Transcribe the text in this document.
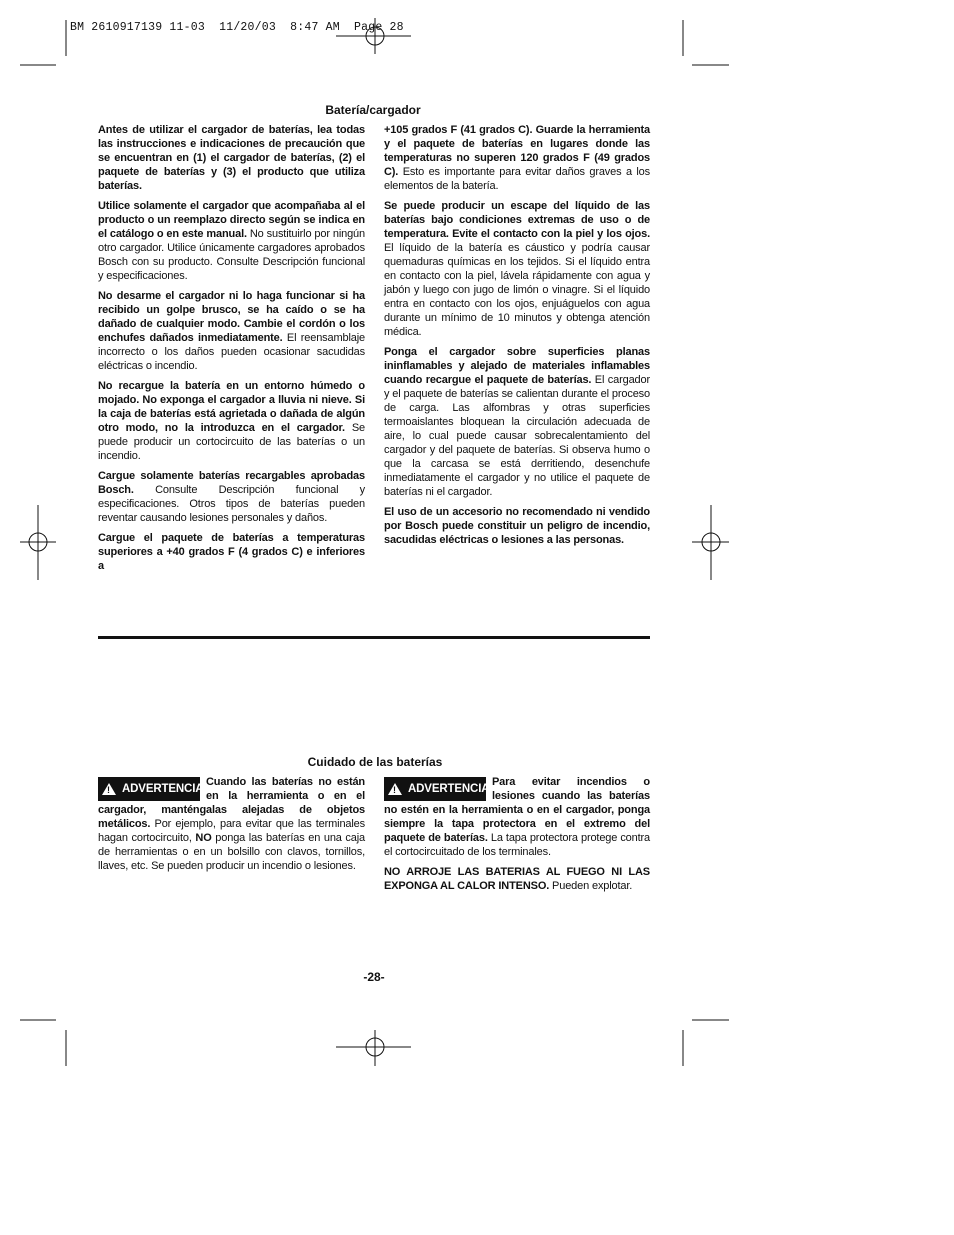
BM 2610917139 11-03  11/20/03  8:47 AM  Page 28
Batería/cargador

Antes de utilizar el cargador de baterías, lea todas las instrucciones e indicaciones de precaución que se encuentran en (1) el cargador de baterías, (2) el paquete de baterías y (3) el producto que utiliza baterías.

Utilice solamente el cargador que acompañaba al el producto o un reemplazo directo según se indica en el catálogo o en este manual. No sustituirlo por ningún otro cargador. Utilice únicamente cargadores aprobados Bosch con su producto. Consulte Descripción funcional y especificaciones.

No desarme el cargador ni lo haga funcionar si ha recibido un golpe brusco, se ha caído o se ha dañado de cualquier modo. Cambie el cordón o los enchufes dañados inmediatamente. El reensamblaje incorrecto o los daños pueden ocasionar sacudidas eléctricas o incendio.

No recargue la batería en un entorno húmedo o mojado. No exponga el cargador a lluvia ni nieve. Si la caja de baterías está agrietada o dañada de algún otro modo, no la introduzca en el cargador. Se puede producir un cortocircuito de las baterías o un incendio.

Cargue solamente baterías recargables aprobadas Bosch. Consulte Descripción funcional y especificaciones. Otros tipos de baterías pueden reventar causando lesiones personales y daños.

Cargue el paquete de baterías a temperaturas superiores a +40 grados F (4 grados C) e inferiores a

+105 grados F (41 grados C). Guarde la herramienta y el paquete de baterías en lugares donde las temperaturas no superen 120 grados F (49 grados C). Esto es importante para evitar daños graves a los elementos de la batería.

Se puede producir un escape del líquido de las baterías bajo condiciones extremas de uso o de temperatura. Evite el contacto con la piel y los ojos. El líquido de la batería es cáustico y podría causar quemaduras químicas en los tejidos. Si el líquido entra en contacto con la piel, lávela rápidamente con agua y jabón y luego con jugo de limón o vinagre. Si el líquido entra en contacto con los ojos, enjuáguelos con agua durante un mínimo de 10 minutos y obtenga atención médica.

Ponga el cargador sobre superficies planas ininflamables y alejado de materiales inflamables cuando recargue el paquete de baterías. El cargador y el paquete de baterías se calientan durante el proceso de carga. Las alfombras y otras superficies termoaislantes bloquean la circulación adecuada de aire, lo cual puede causar sobrecalentamiento del cargador y del paquete de baterías. Si observa humo o que la carcasa se está derritiendo, desenchufe inmediatamente el cargador y no utilice el paquete de baterías ni el cargador.

El uso de un accesorio no recomendado ni vendido por Bosch puede constituir un peligro de incendio, sacudidas eléctricas o lesiones a las personas.

Cuidado de las baterías

! ADVERTENCIA
Cuando las baterías no están en la herramienta o en el cargador, manténgalas alejadas de objetos metálicos. Por ejemplo, para evitar que las terminales hagan cortocircuito, NO ponga las baterías en una caja de herramientas o en un bolsillo con clavos, tornillos, llaves, etc. Se pueden producir un incendio o lesiones.

! ADVERTENCIA
Para evitar incendios o lesiones cuando las baterías no estén en la herramienta o en el cargador, ponga siempre la tapa protectora en el extremo del paquete de baterías. La tapa protectora protege contra el cortocircuitado de los terminales.

NO ARROJE LAS BATERIAS AL FUEGO NI LAS EXPONGA AL CALOR INTENSO. Pueden explotar.

-28-
